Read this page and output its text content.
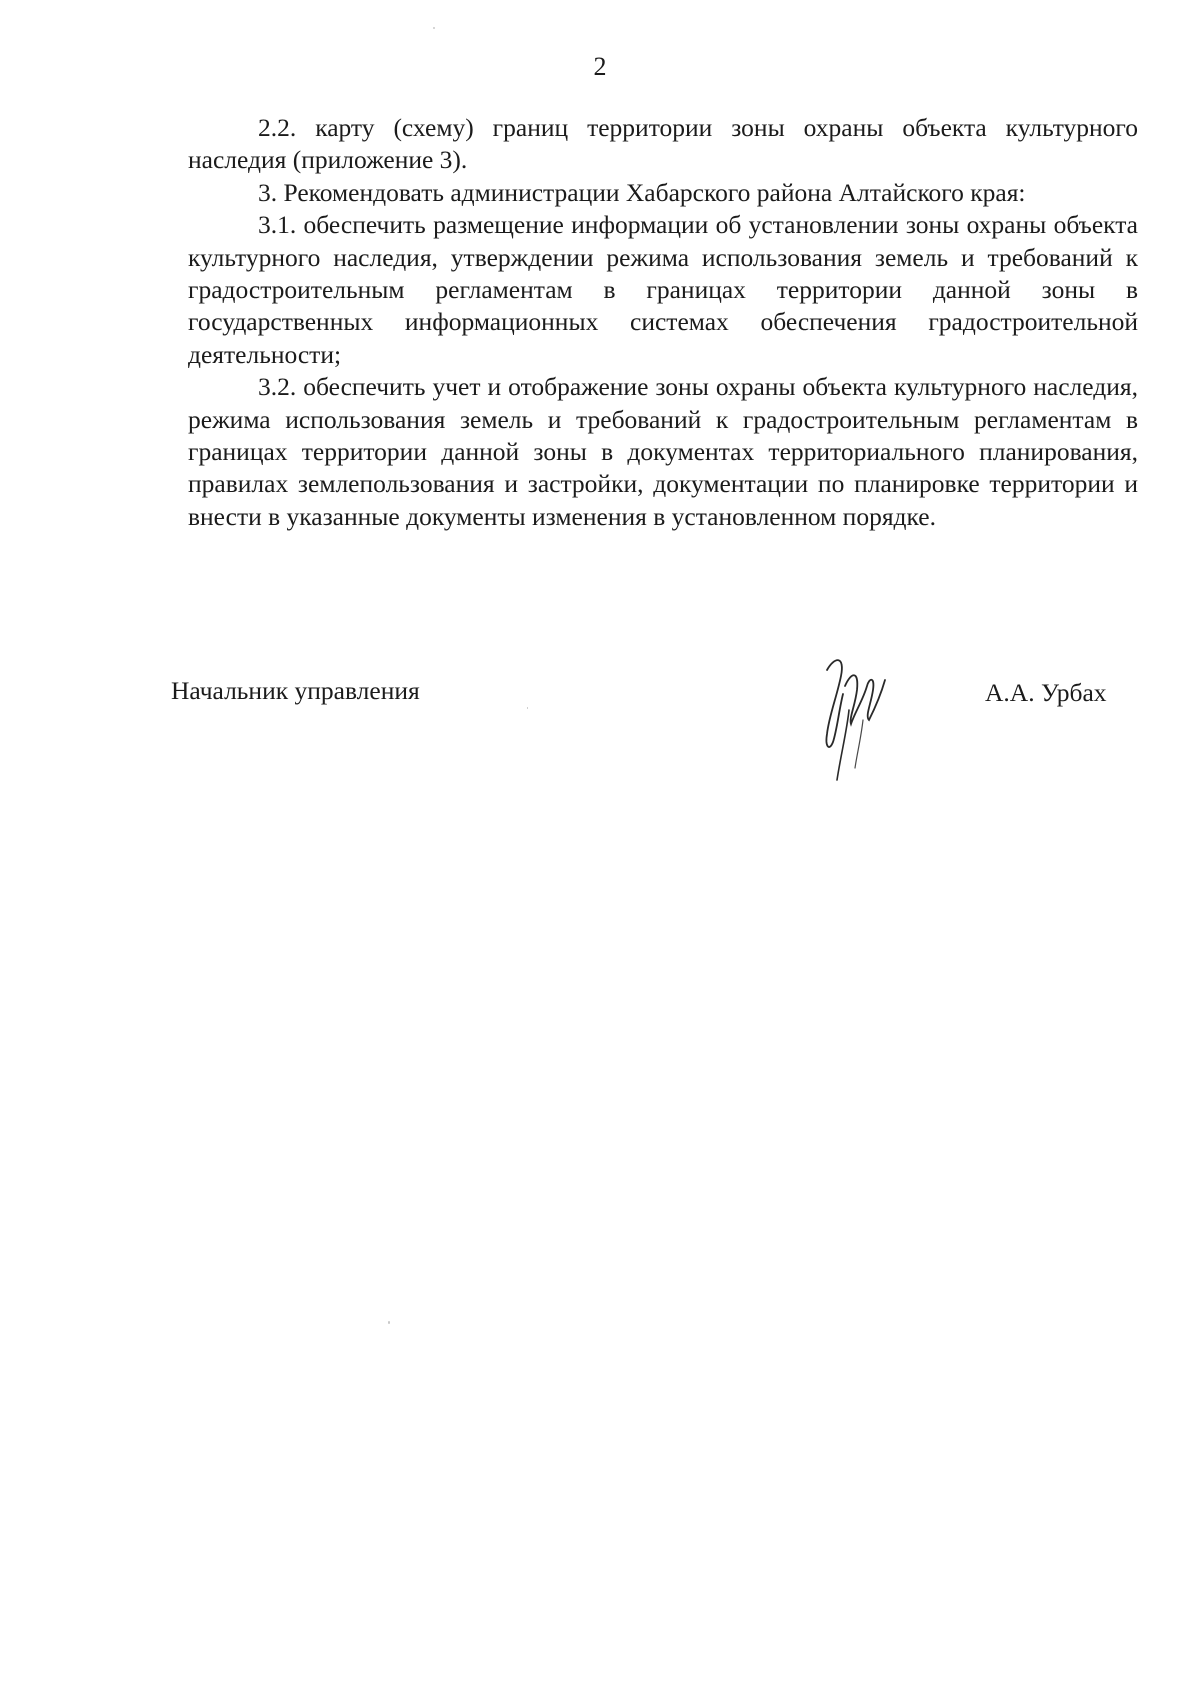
2

2.2. карту (схему) границ территории зоны охраны объекта культурного наследия (приложение 3).

3. Рекомендовать администрации Хабарского района Алтайского края:

3.1. обеспечить размещение информации об установлении зоны охраны объекта культурного наследия, утверждении режима использования земель и требований к градостроительным регламентам в границах территории данной зоны в государственных информационных системах обеспечения градостроительной деятельности;

3.2. обеспечить учет и отображение зоны охраны объекта культурного наследия, режима использования земель и требований к градостроительным регламентам в границах территории данной зоны в документах территориального планирования, правилах землепользования и застройки, документации по планировке территории и внести в указанные документы изменения в установленном порядке.

Начальник управления	А.А. Урбах
